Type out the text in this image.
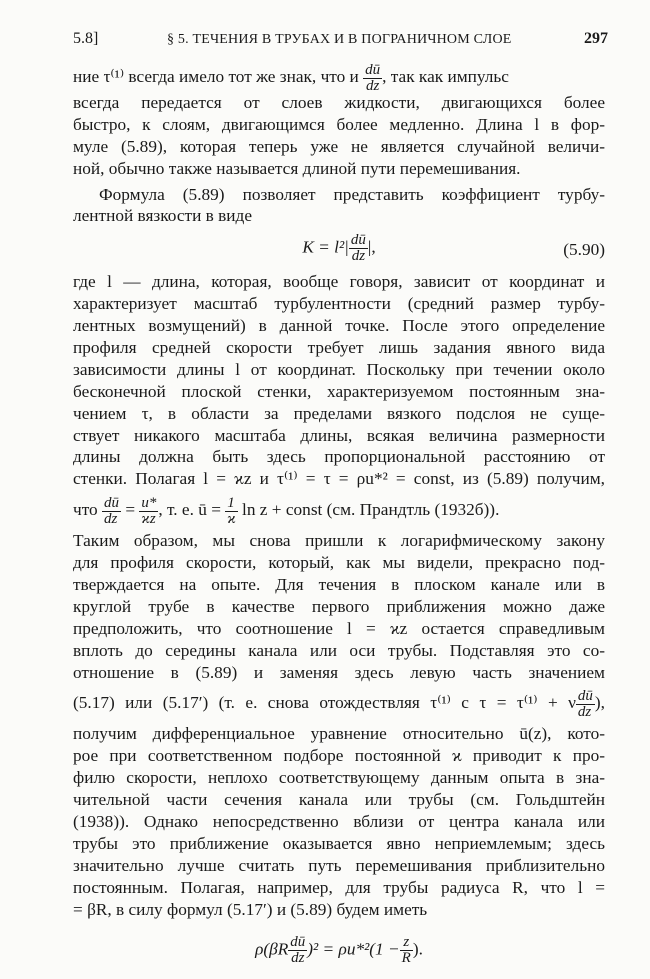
5.8]	§ 5. ТЕЧЕНИЯ В ТРУБАХ И В ПОГРАНИЧНОМ СЛОЕ	297
ние τ⁽¹⁾ всегда имело тот же знак, что и $\frac{dū}{dz}$ , так как импульс
всегда передается от слоев жидкости, двигающихся более
быстро, к слоям, двигающимся более медленно. Длина l в фор-
муле (5.89), которая теперь уже не является случайной величи-
ной, обычно также называется длиной пути перемешивания.
Формула (5.89) позволяет представить коэффициент турбу-
лентной вязкости в виде
$K = l^2| \frac{dū}{dz}$ |,	(5.90)
где l — длина, которая, вообще говоря, зависит от координат и
характеризует масштаб турбулентности (средний размер турбу-
лентных возмущений) в данной точке. После этого определение
профиля средней скорости требует лишь задания явного вида
зависимости длины l от координат. Поскольку при течении около
бесконечной плоской стенки, характеризуемом постоянным зна-
чением τ, в области за пределами вязкого подслоя не суще-
ствует никакого масштаба длины, всякая величина размерности
длины должна быть здесь пропорциональной расстоянию от
стенки. Полагая l = ϰz и τ⁽¹⁾ = τ = ρu*² = const, из (5.89) получим,
что $\frac{dū}{dz} = \frac{u*}{ϰz}$ , т. е. ū = $\frac{1}{ϰ}$ ln z + const (см. Прандтль (1932б)).
Таким образом, мы снова пришли к логарифмическому закону
для профиля скорости, который, как мы видели, прекрасно под-
тверждается на опыте. Для течения в плоском канале или в
круглой трубе в качестве первого приближения можно даже
предположить, что соотношение l = ϰz остается справедливым
вплоть до середины канала или оси трубы. Подставляя это со-
отношение в (5.89) и заменяя здесь левую часть значением
(5.17) или (5.17′) (т. е. снова отождествляя τ⁽¹⁾ с τ = τ⁽¹⁾ + ν $\frac{dū}{dz}$ ),
получим дифференциальное уравнение относительно ū(z), кото-
рое при соответственном подборе постоянной ϰ приводит к про-
филю скорости, неплохо соответствующему данным опыта в зна-
чительной части сечения канала или трубы (см. Гольдштейн
(1938)). Однако непосредственно вблизи от центра канала или
трубы это приближение оказывается явно неприемлемым; здесь
значительно лучше считать путь перемешивания приблизительно
постоянным. Полагая, например, для трубы радиуса R, что l =
= βR, в силу формул (5.17′) и (5.89) будем иметь
$\rho(\beta R \frac{dū}{dz} )^2 = \rho u*^2(1 - \frac{z}{R}$ ).
